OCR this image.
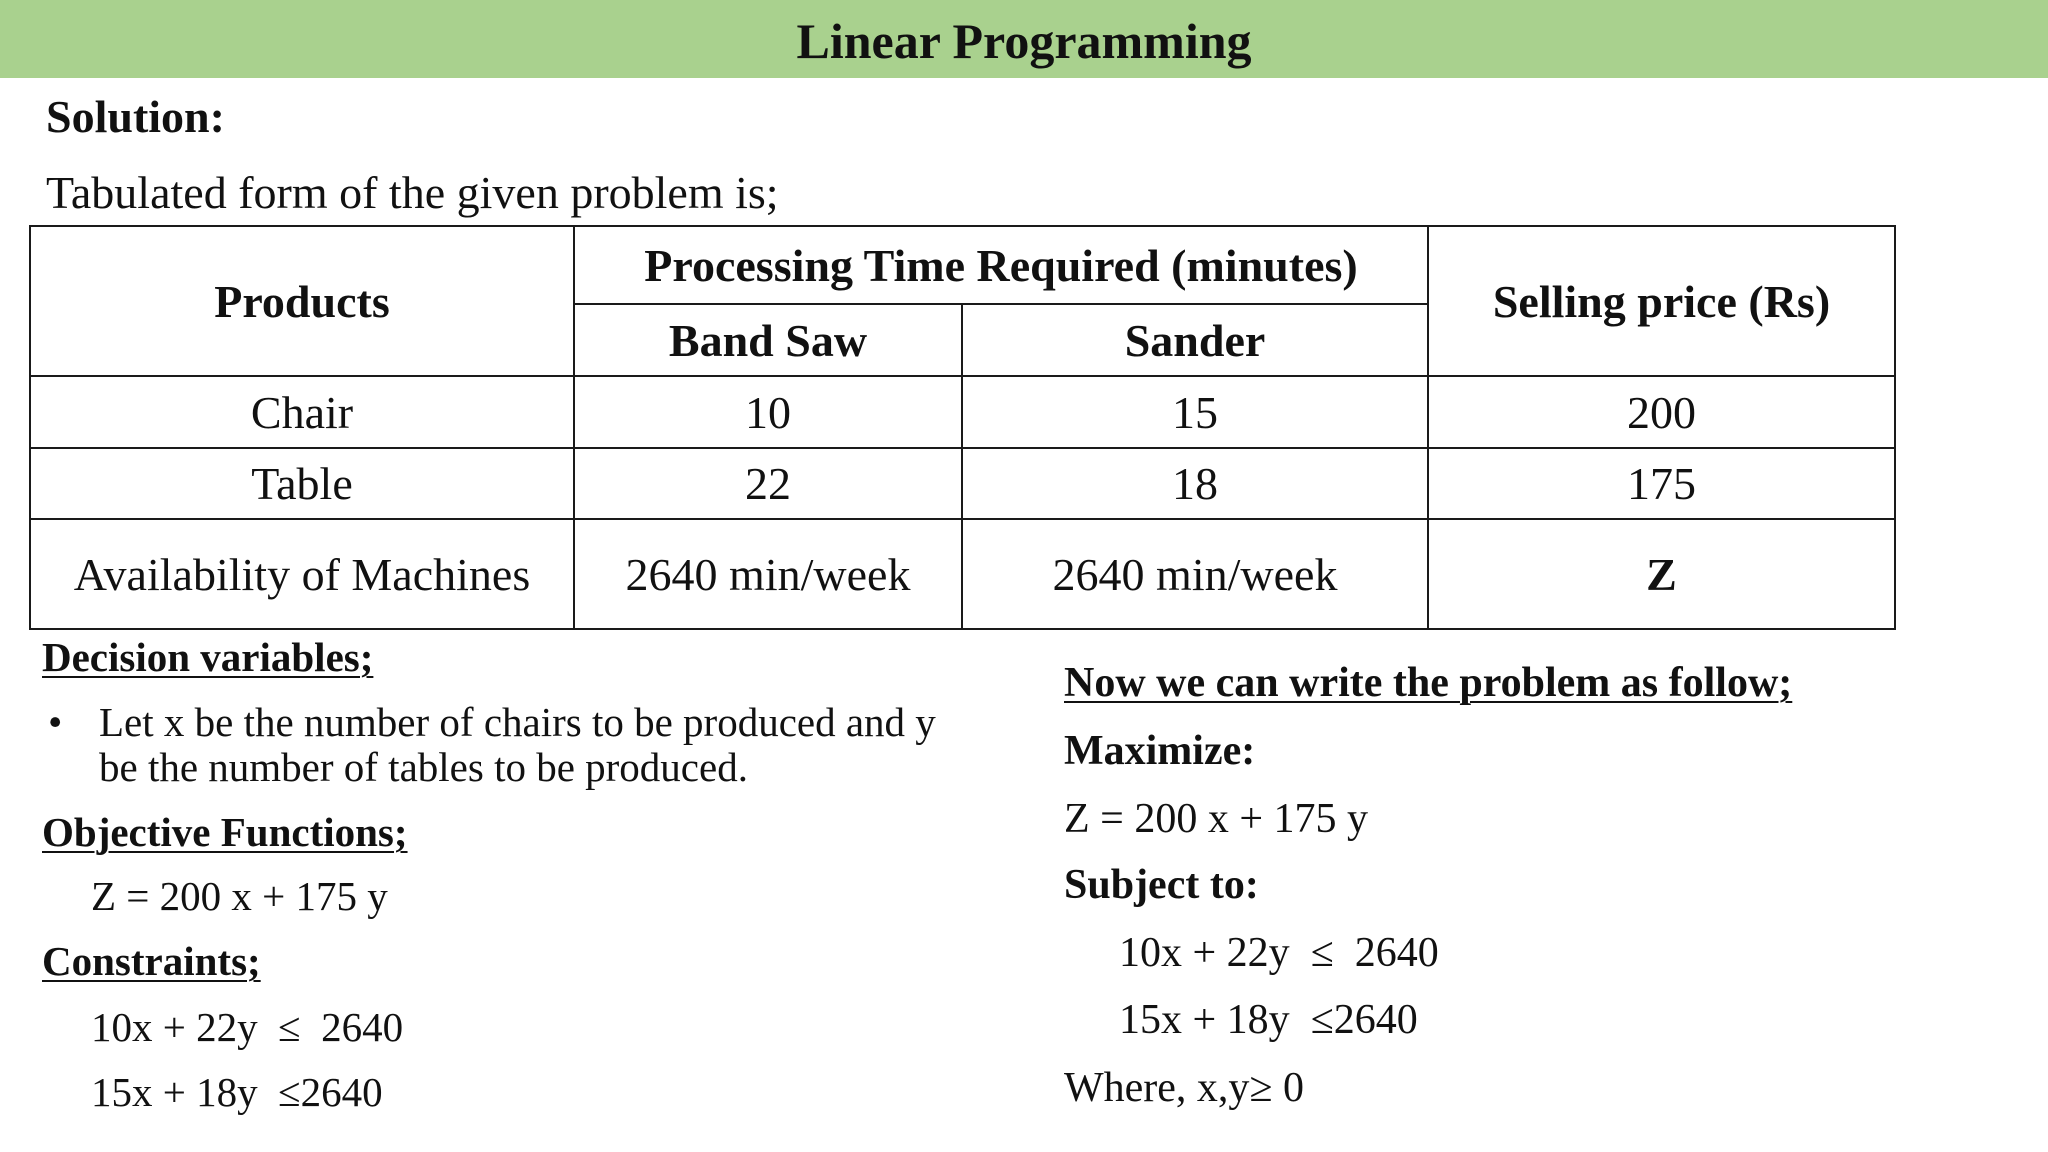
Linear Programming
Solution:
Tabulated form of the given problem is;
Products	Processing Time Required (minutes)		Selling price (Rs)
	Band Saw	Sander	
Chair	10	15	200
Table	22	18	175
Availability of Machines	2640 min/week	2640 min/week	Z
Decision variables;
• Let x be the number of chairs to be produced and y
be the number of tables to be produced.
Objective Functions;
Z = 200 x + 175 y
Constraints;
10x + 22y  ≤  2640
15x + 18y  ≤2640
Now we can write the problem as follow;
Maximize:
Z = 200 x + 175 y
Subject to:
10x + 22y  ≤  2640
15x + 18y  ≤2640
Where, x,y≥ 0
